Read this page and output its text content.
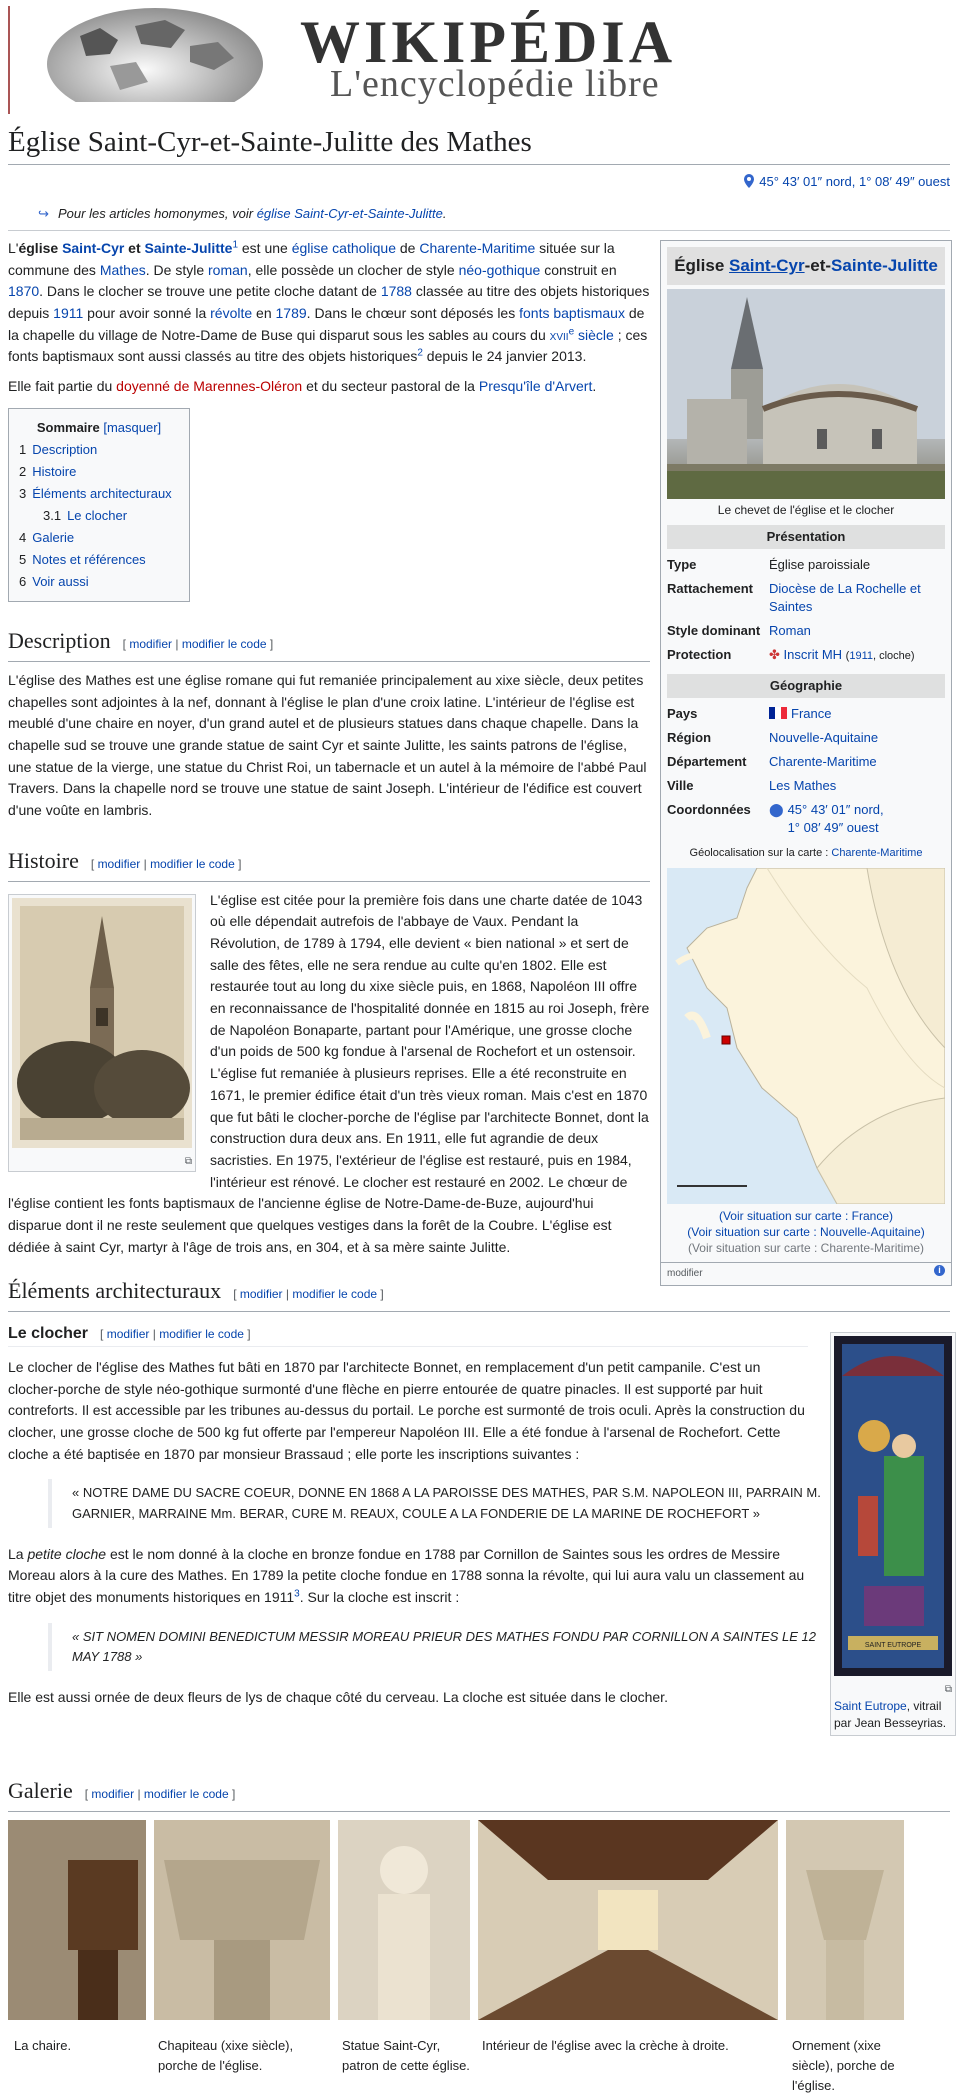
WIKIPÉDIA
L'encyclopédie libre
Église Saint-Cyr-et-Sainte-Julitte des Mathes
45° 43′ 01″ nord, 1° 08′ 49″ ouest
↪ Pour les articles homonymes, voir église Saint-Cyr-et-Sainte-Julitte.

L'église Saint-Cyr et Sainte-Julitte$^1$ est une église catholique de Charente-Maritime située sur la commune des Mathes. De style roman, elle possède un clocher de style néo-gothique construit en 1870. Dans le clocher se trouve une petite cloche datant de 1788 classée au titre des objets historiques depuis 1911 pour avoir sonné la révolte en 1789. Dans le chœur sont déposés les fonts baptismaux de la chapelle du village de Notre-Dame de Buse qui disparut sous les sables au cours du xvii$^e$ siècle ; ces fonts baptismaux sont aussi classés au titre des objets historiques$^2$ depuis le 24 janvier 2013.

Elle fait partie du doyenné de Marennes-Oléron et du secteur pastoral de la Presqu'île d'Arvert.

Sommaire [masquer]
1 Description
2 Histoire
3 Éléments architecturaux
3.1 Le clocher
4 Galerie
5 Notes et références
6 Voir aussi
Description [ modifier | modifier le code ]

L'église des Mathes est une église romane qui fut remaniée principalement au xixe siècle, deux petites chapelles sont adjointes à la nef, donnant à l'église le plan d'une croix latine. L'intérieur de l'église est meublé d'une chaire en noyer, d'un grand autel et de plusieurs statues dans chaque chapelle. Dans la chapelle sud se trouve une grande statue de saint Cyr et sainte Julitte, les saints patrons de l'église, une statue de la vierge, une statue du Christ Roi, un tabernacle et un autel à la mémoire de l'abbé Paul Travers. Dans la chapelle nord se trouve une statue de saint Joseph. L'intérieur de l'édifice est couvert d'une voûte en lambris.

Histoire [ modifier | modifier le code ]
⧉

L'église est citée pour la première fois dans une charte datée de 1043 où elle dépendait autrefois de l'abbaye de Vaux. Pendant la Révolution, de 1789 à 1794, elle devient « bien national » et sert de salle des fêtes, elle ne sera rendue au culte qu'en 1802. Elle est restaurée tout au long du xixe siècle puis, en 1868, Napoléon III offre en reconnaissance de l'hospitalité donnée en 1815 au roi Joseph, frère de Napoléon Bonaparte, partant pour l'Amérique, une grosse cloche d'un poids de 500 kg fondue à l'arsenal de Rochefort et un ostensoir. L'église fut remaniée à plusieurs reprises. Elle a été reconstruite en 1671, le premier édifice était d'un très vieux roman. Mais c'est en 1870 que fut bâti le clocher-porche de l'église par l'architecte Bonnet, dont la construction dura deux ans. En 1911, elle fut agrandie de deux sacristies. En 1975, l'extérieur de l'église est restauré, puis en 1984, l'intérieur est rénové. Le clocher est restauré en 2002. Le chœur de l'église contient les fonts baptismaux de l'ancienne église de Notre-Dame-de-Buze, aujourd'hui disparue dont il ne reste seulement que quelques vestiges dans la forêt de la Coubre. L'église est dédiée à saint Cyr, martyr à l'âge de trois ans, en 304, et à sa mère sainte Julitte.

Église Saint-Cyr-et-Sainte-Julitte
Le chevet de l'église et le clocher
Présentation
Type	Église paroissiale
Rattachement	Diocèse de La Rochelle et Saintes
Style dominant Roman
Protection	✤ Inscrit MH (1911, cloche)
Géographie
Pays	France
Région	Nouvelle-Aquitaine
Département	Charente-Maritime
Ville	Les Mathes
Coordonnées	⬤ 45° 43′ 01″ nord,
1° 08′ 49″ ouest
Géolocalisation sur la carte : Charente-Maritime
(Voir situation sur carte : France)
(Voir situation sur carte : Nouvelle-Aquitaine)
(Voir situation sur carte : Charente-Maritime)
modifier	i
Éléments architecturaux [ modifier | modifier le code ]
Le clocher [ modifier | modifier le code ]

Le clocher de l'église des Mathes fut bâti en 1870 par l'architecte Bonnet, en remplacement d'un petit campanile. C'est un clocher-porche de style néo-gothique surmonté d'une flèche en pierre entourée de quatre pinacles. Il est supporté par huit contreforts. Il est accessible par les tribunes au-dessus du portail. Le porche est surmonté de trois oculi. Après la construction du clocher, une grosse cloche de 500 kg fut offerte par l'empereur Napoléon III. Elle a été fondue à l'arsenal de Rochefort. Cette cloche a été baptisée en 1870 par monsieur Brassaud ; elle porte les inscriptions suivantes :

« NOTRE DAME DU SACRE COEUR, DONNE EN 1868 A LA PAROISSE DES MATHES, PAR S.M. NAPOLEON III, PARRAIN M. GARNIER, MARRAINE Mm. BERAR, CURE M. REAUX, COULE A LA FONDERIE DE LA MARINE DE ROCHEFORT »

La petite cloche est le nom donné à la cloche en bronze fondue en 1788 par Cornillon de Saintes sous les ordres de Messire Moreau alors à la cure des Mathes. En 1789 la petite cloche fondue en 1788 sonna la révolte, qui lui aura valu un classement au titre objet des monuments historiques en 1911$^3$. Sur la cloche est inscrit :

« SIT NOMEN DOMINI BENEDICTUM MESSIR MOREAU PRIEUR DES MATHES FONDU PAR CORNILLON A SAINTES LE 12 MAY 1788 »

Elle est aussi ornée de deux fleurs de lys de chaque côté du cerveau. La cloche est située dans le clocher.

SAINT EUTROPE
⧉
Saint Eutrope, vitrail par Jean Besseyrias.
Galerie [ modifier | modifier le code ]
La chaire.	Chapiteau (xixe siècle), porche de l'église.
Statue Saint-Cyr, patron de cette église.
Intérieur de l'église avec la crèche à droite.	Ornement (xixe siècle), porche de l'église.
